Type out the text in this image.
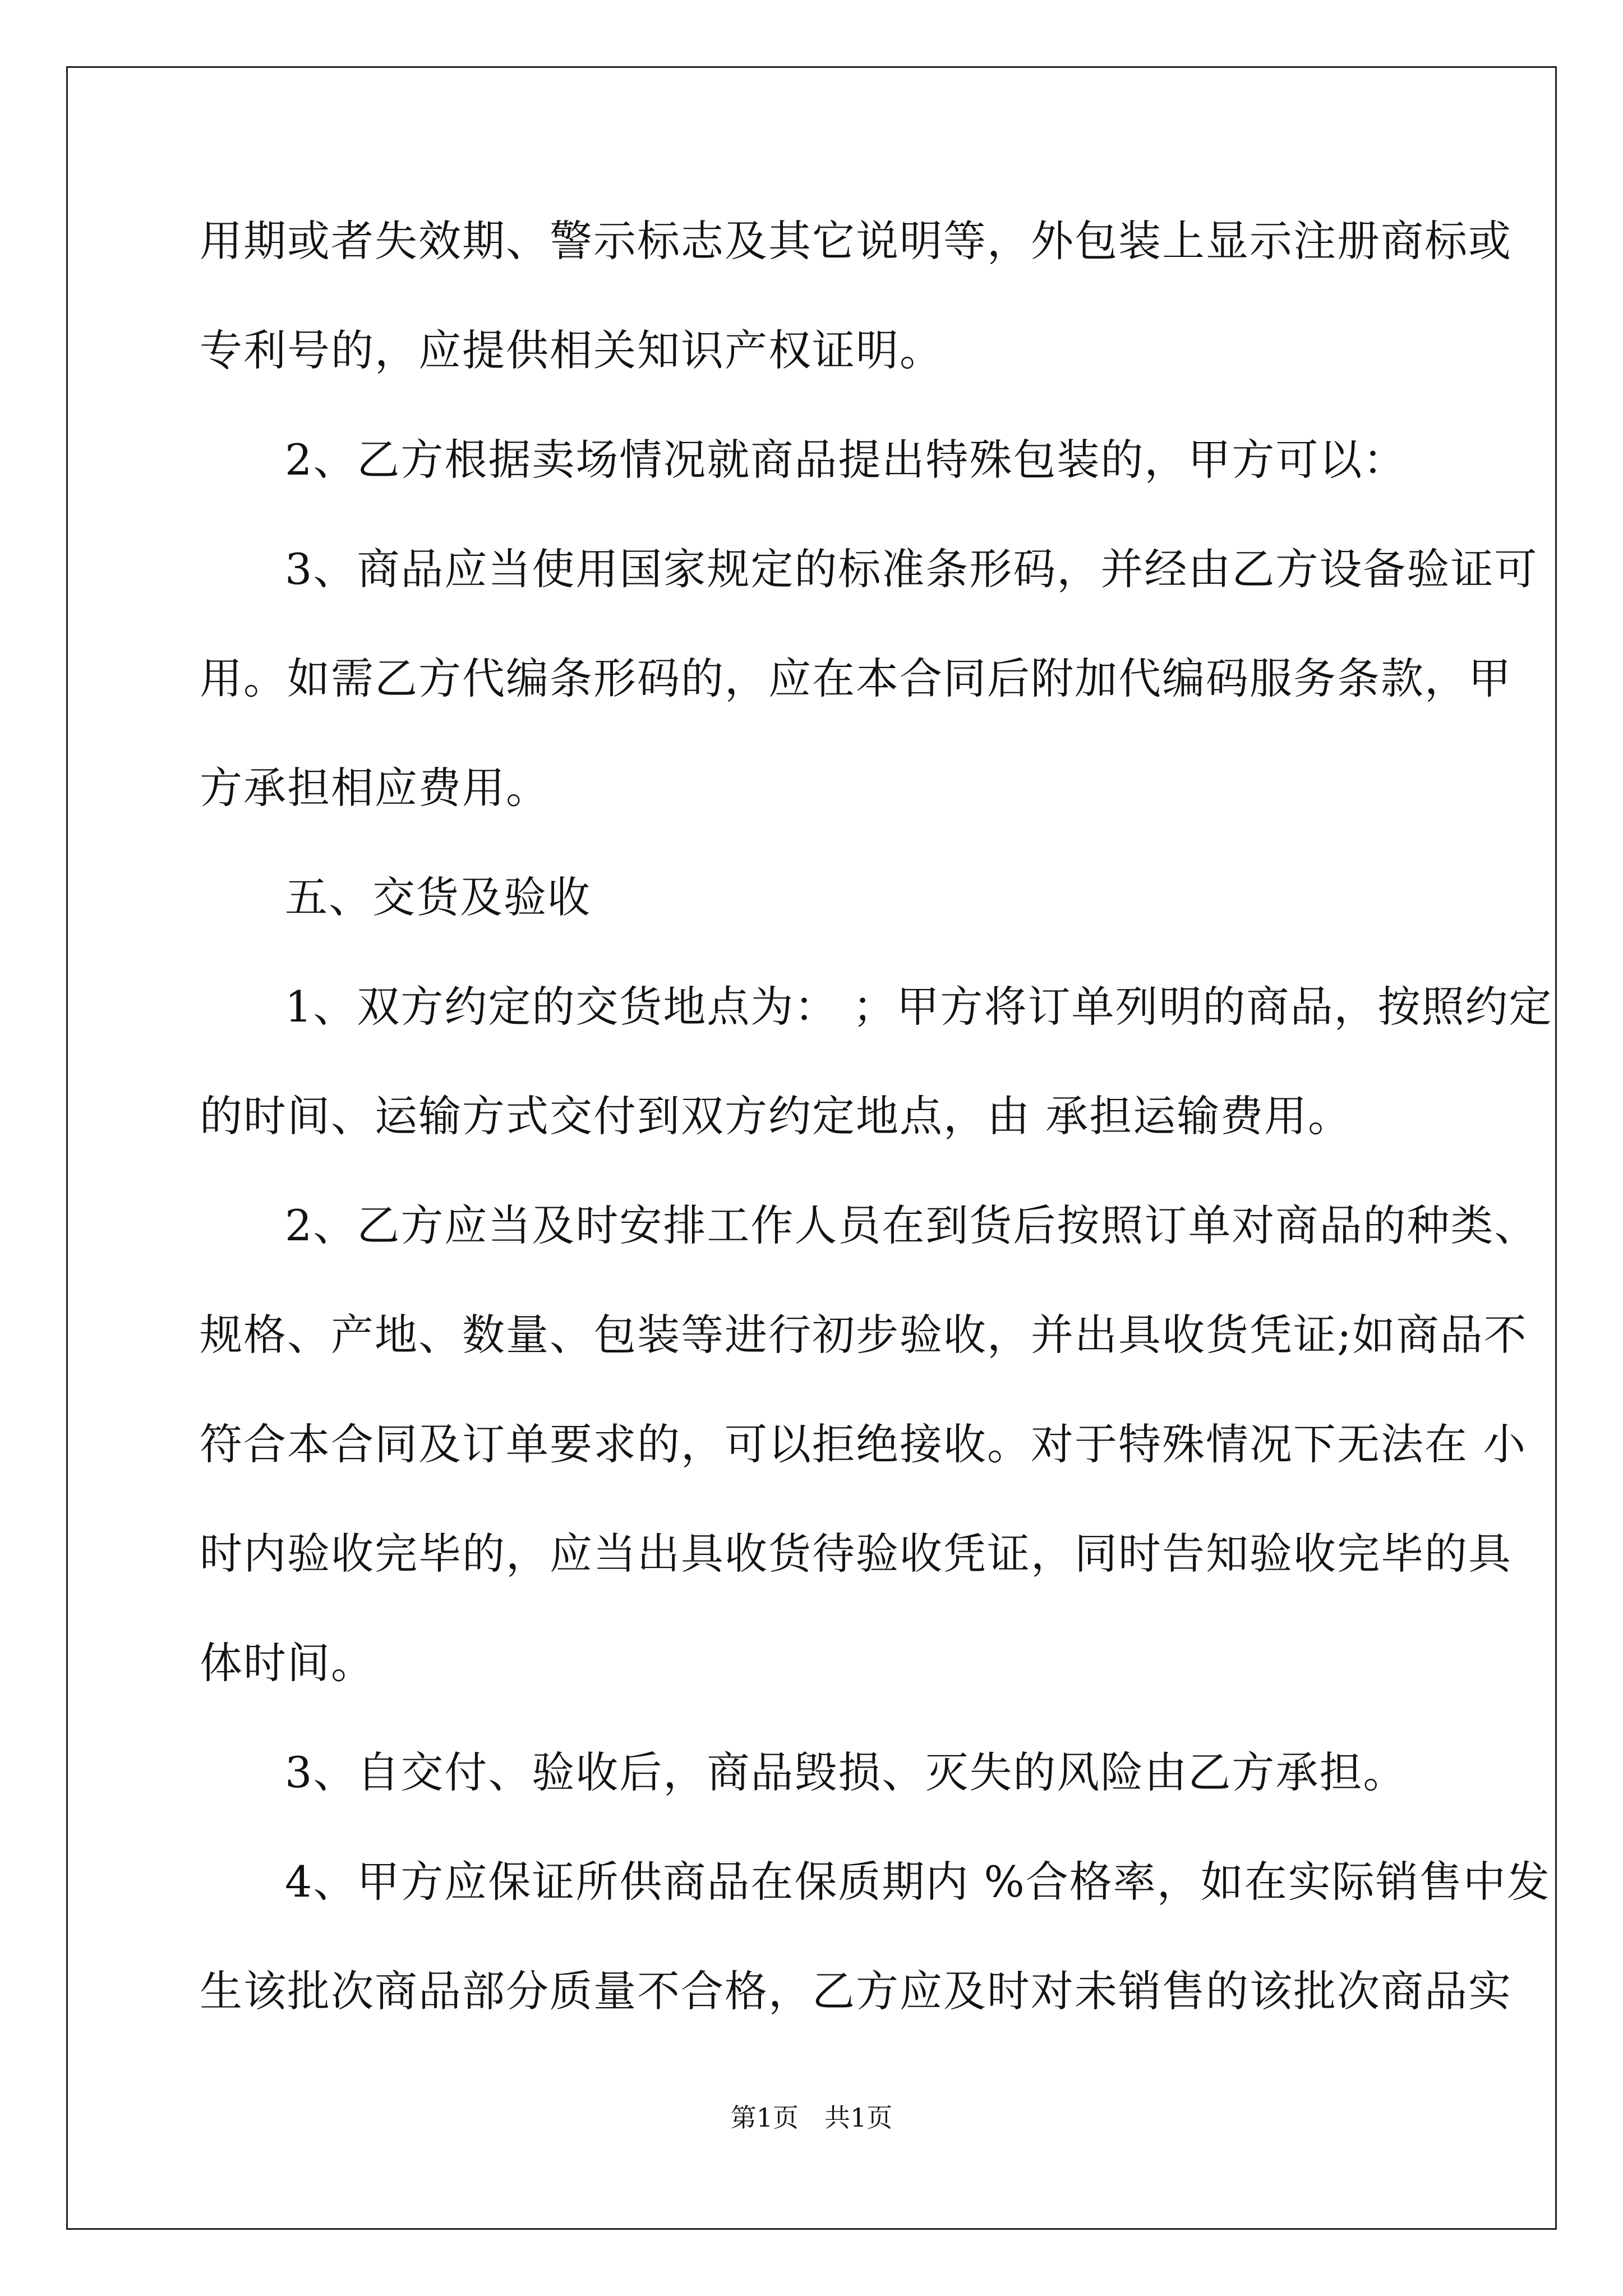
用期或者失效期、警示标志及其它说明等，外包装上显示注册商标或
专利号的，应提供相关知识产权证明。
2、乙方根据卖场情况就商品提出特殊包装的，甲方可以：
3、商品应当使用国家规定的标准条形码，并经由乙方设备验证可
用。如需乙方代编条形码的，应在本合同后附加代编码服务条款，甲
方承担相应费用。
五、交货及验收
1、双方约定的交货地点为： ；甲方将订单列明的商品，按照约定
的时间、运输方式交付到双方约定地点，由 承担运输费用。
2、乙方应当及时安排工作人员在到货后按照订单对商品的种类、
规格、产地、数量、包装等进行初步验收，并出具收货凭证;如商品不
符合本合同及订单要求的，可以拒绝接收。对于特殊情况下无法在 小
时内验收完毕的，应当出具收货待验收凭证，同时告知验收完毕的具
体时间。
3、自交付、验收后，商品毁损、灭失的风险由乙方承担。
4、甲方应保证所供商品在保质期内 %合格率，如在实际销售中发
生该批次商品部分质量不合格，乙方应及时对未销售的该批次商品实
第1页　共1页
